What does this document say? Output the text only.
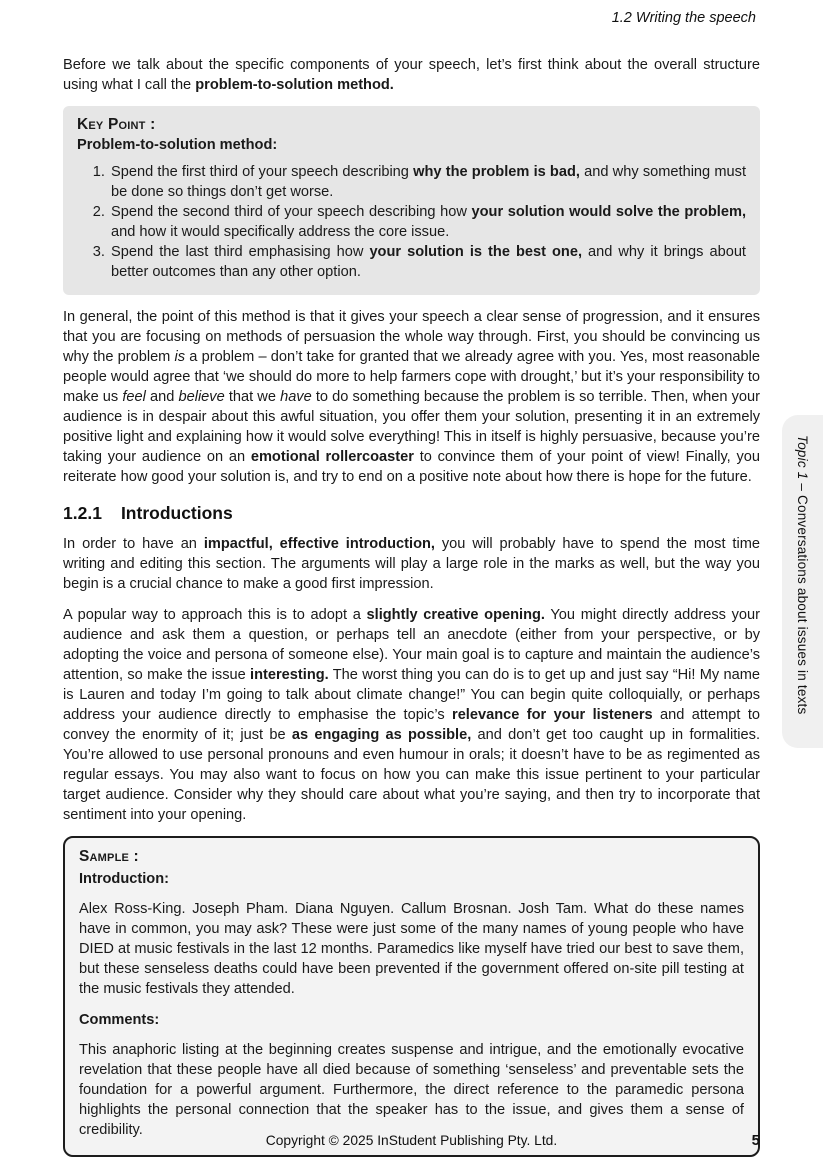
1.2 Writing the speech

Before we talk about the specific components of your speech, let’s first think about the overall structure using what I call the problem-to-solution method.

Key Point :
Problem-to-solution method:
1. Spend the first third of your speech describing why the problem is bad, and why something must be done so things don’t get worse.
2. Spend the second third of your speech describing how your solution would solve the problem, and how it would specifically address the core issue.
3. Spend the last third emphasising how your solution is the best one, and why it brings about better outcomes than any other option.

In general, the point of this method is that it gives your speech a clear sense of progression, and it ensures that you are focusing on methods of persuasion the whole way through. First, you should be convincing us why the problem is a problem – don’t take for granted that we already agree with you. Yes, most reasonable people would agree that ‘we should do more to help farmers cope with drought,’ but it’s your responsibility to make us feel and believe that we have to do something because the problem is so terrible. Then, when your audience is in despair about this awful situation, you offer them your solution, presenting it in an extremely positive light and explaining how it would solve everything! This in itself is highly persuasive, because you’re taking your audience on an emotional rollercoaster to convince them of your point of view! Finally, you reiterate how good your solution is, and try to end on a positive note about how there is hope for the future.

1.2.1 Introductions

In order to have an impactful, effective introduction, you will probably have to spend the most time writing and editing this section. The arguments will play a large role in the marks as well, but the way you begin is a crucial chance to make a good first impression.

A popular way to approach this is to adopt a slightly creative opening. You might directly address your audience and ask them a question, or perhaps tell an anecdote (either from your perspective, or by adopting the voice and persona of someone else). Your main goal is to capture and maintain the audience’s attention, so make the issue interesting. The worst thing you can do is to get up and just say “Hi! My name is Lauren and today I’m going to talk about climate change!” You can begin quite colloquially, or perhaps address your audience directly to emphasise the topic’s relevance for your listeners and attempt to convey the enormity of it; just be as engaging as possible, and don’t get too caught up in formalities. You’re allowed to use personal pronouns and even humour in orals; it doesn’t have to be as regimented as regular essays. You may also want to focus on how you can make this issue pertinent to your particular target audience. Consider why they should care about what you’re saying, and then try to incorporate that sentiment into your opening.

Sample :
Introduction:

Alex Ross-King. Joseph Pham. Diana Nguyen. Callum Brosnan. Josh Tam. What do these names have in common, you may ask? These were just some of the many names of young people who have DIED at music festivals in the last 12 months. Paramedics like myself have tried our best to save them, but these senseless deaths could have been prevented if the government offered on-site pill testing at the music festivals they attended.

Comments:

This anaphoric listing at the beginning creates suspense and intrigue, and the emotionally evocative revelation that these people have all died because of something ‘senseless’ and preventable sets the foundation for a powerful argument. Furthermore, the direct reference to the paramedic persona highlights the personal connection that the speaker has to the issue, and gives them a sense of credibility.

Topic 1 – Conversations about issues in texts
Copyright © 2025 InStudent Publishing Pty. Ltd.	5
